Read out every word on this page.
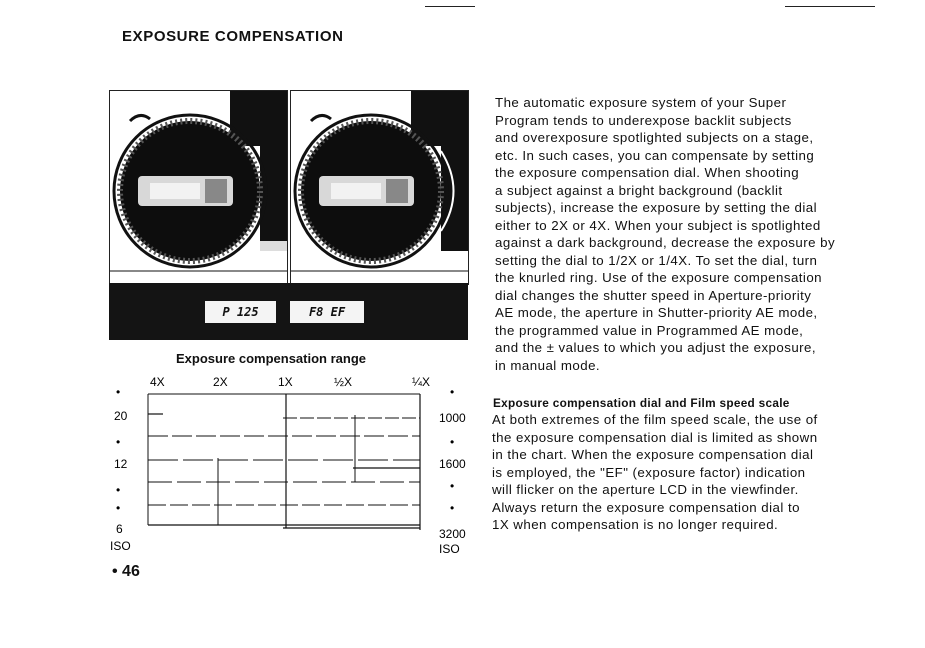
EXPOSURE COMPENSATION
P 125	F8 EF
Exposure compensation range
4X	2X	1X	½X	¼X
20
•
12
•
•
6
ISO
•	•
1000
•
1600
•
•
3200
ISO
• 46
The automatic exposure system of your Super
Program tends to underexpose backlit subjects
and overexposure spotlighted subjects on a stage,
etc. In such cases, you can compensate by setting
the exposure compensation dial. When shooting
a subject against a bright background (backlit
subjects), increase the exposure by setting the dial
either to 2X or 4X. When your subject is spotlighted
against a dark background, decrease the exposure by
setting the dial to 1/2X or 1/4X. To set the dial, turn
the knurled ring. Use of the exposure compensation
dial changes the shutter speed in Aperture-priority
AE mode, the aperture in Shutter-priority AE mode,
the programmed value in Programmed AE mode,
and the ± values to which you adjust the exposure,
in manual mode.
Exposure compensation dial and Film speed scale
At both extremes of the film speed scale, the use of
the exposure compensation dial is limited as shown
in the chart. When the exposure compensation dial
is employed, the "EF" (exposure factor) indication
will flicker on the aperture LCD in the viewfinder.
Always return the exposure compensation dial to
1X when compensation is no longer required.
